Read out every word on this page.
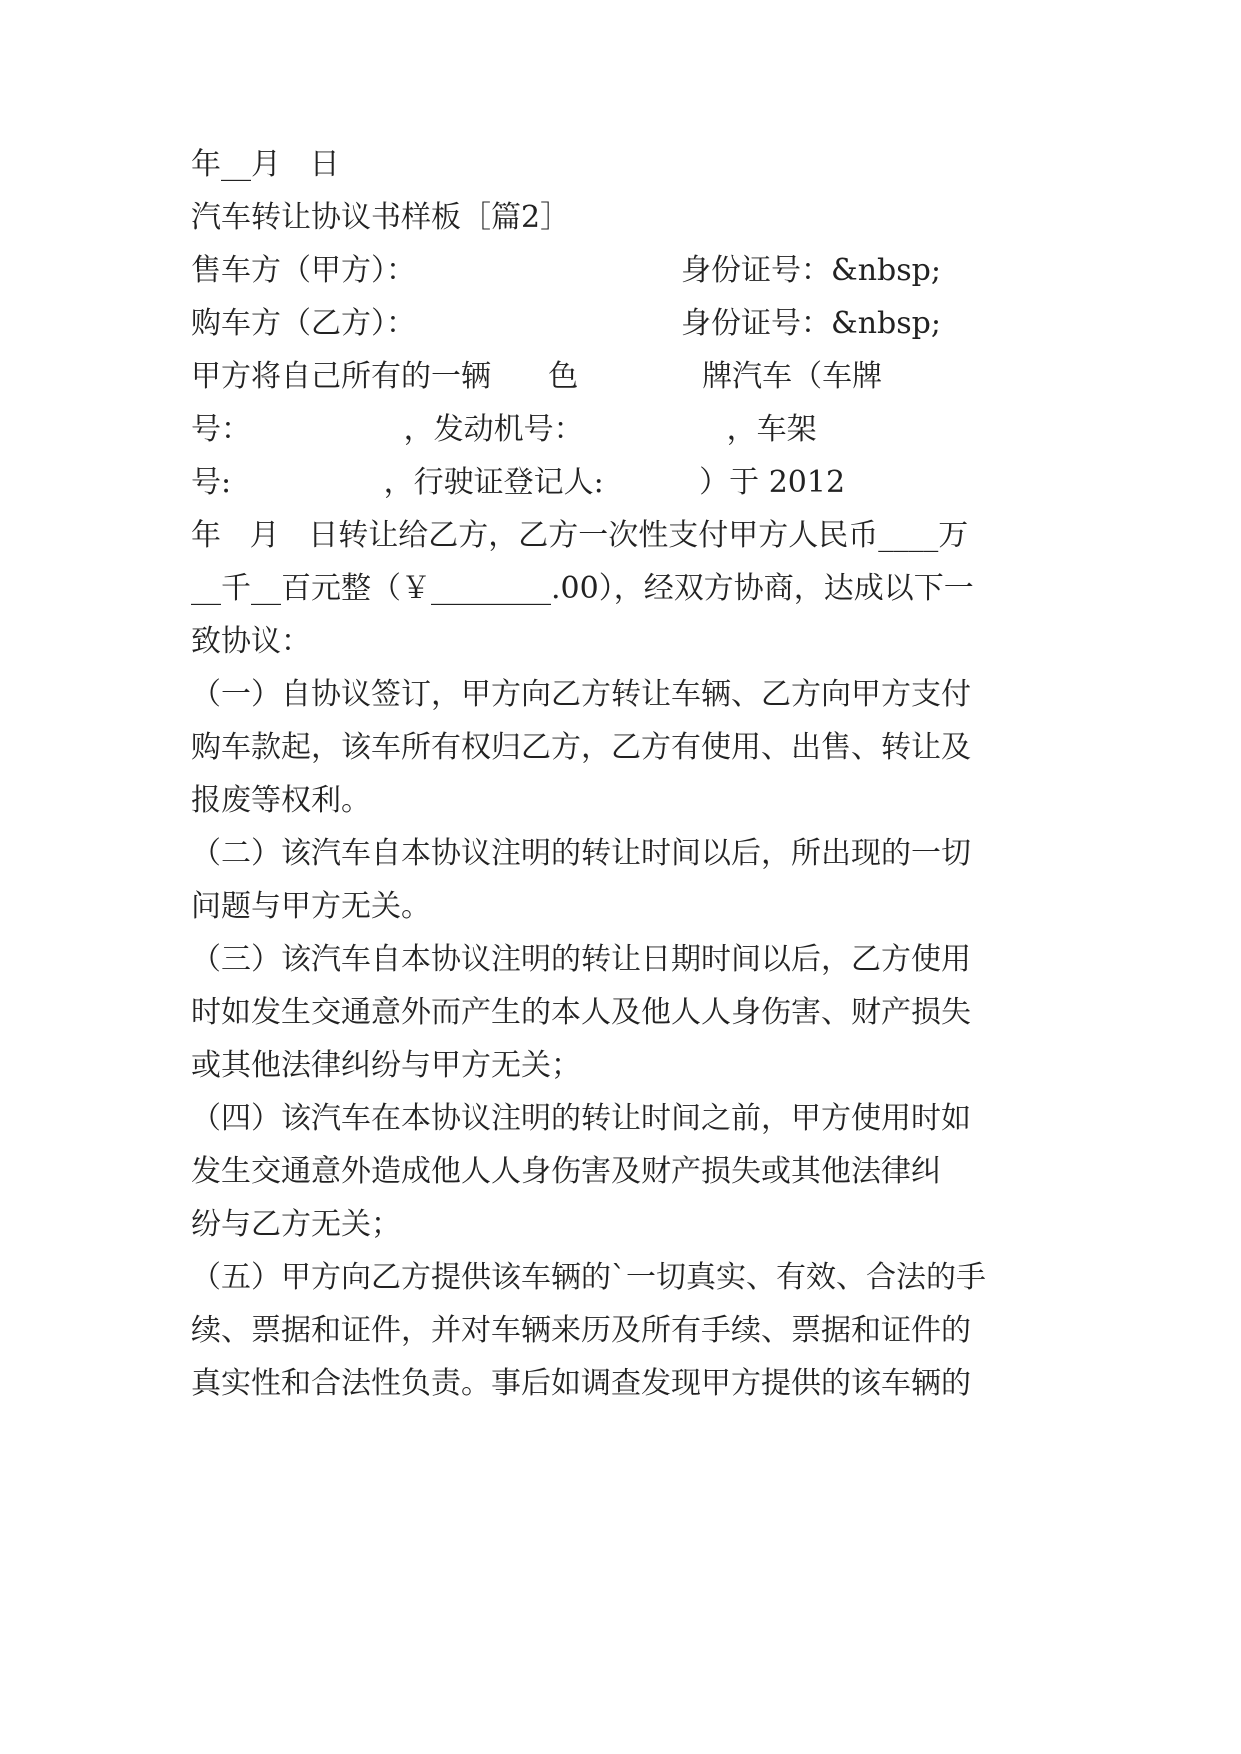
年__月   日
汽车转让协议书样板［篇2］
售车方（甲方）：	身份证号：&nbsp;
购车方（乙方）：	身份证号：&nbsp;
甲方将自己所有的一辆      色             牌汽车（车牌
号：                ，发动机号：               ，车架
号:                ，行驶证登记人:          ）于 2012
年   月   日转让给乙方，乙方一次性支付甲方人民币____万
__千__百元整（￥________.00），经双方协商，达成以下一
致协议：
（一）自协议签订，甲方向乙方转让车辆、乙方向甲方支付
购车款起，该车所有权归乙方，乙方有使用、出售、转让及
报废等权利。
（二）该汽车自本协议注明的转让时间以后，所出现的一切
问题与甲方无关。
（三）该汽车自本协议注明的转让日期时间以后，乙方使用
时如发生交通意外而产生的本人及他人人身伤害、财产损失
或其他法律纠纷与甲方无关；
（四）该汽车在本协议注明的转让时间之前，甲方使用时如
发生交通意外造成他人人身伤害及财产损失或其他法律纠
纷与乙方无关；
（五）甲方向乙方提供该车辆的`一切真实、有效、合法的手
续、票据和证件，并对车辆来历及所有手续、票据和证件的
真实性和合法性负责。事后如调查发现甲方提供的该车辆的
